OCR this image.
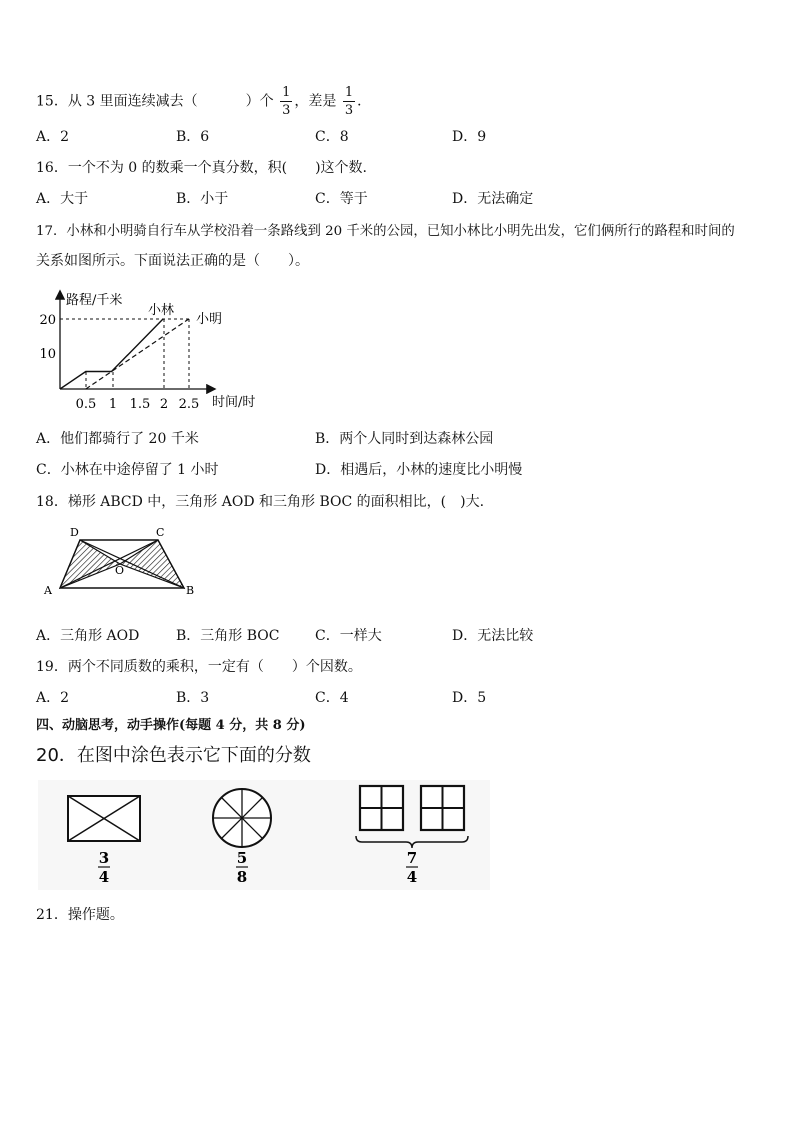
15．从 3 里面连续减去（	）个 $\frac{1}{3}$ ，差是 $\frac{1}{3}$ ．
A．2	B．6	C．8	D．9
16．一个不为 0 的数乘一个真分数，积(　　)这个数.
A．大于	B．小于	C．等于	D．无法确定
17．小林和小明骑自行车从学校沿着一条路线到 20 千米的公园，已知小林比小明先出发，它们俩所行的路程和时间的
关系如图所示。下面说法正确的是（　　）。
路程/千米
时间/时
10
20
0.5 1 1.5 2 2.5
小林
小明
A．他们都骑行了 20 千米	B．两个人同时到达森林公园
C．小林在中途停留了 1 小时	D．相遇后，小林的速度比小明慢
18．梯形 ABCD 中，三角形 AOD 和三角形 BOC 的面积相比，(　)大.
A	B
C
D
O
A．三角形 AOD	B．三角形 BOC	C．一样大	D．无法比较
19．两个不同质数的乘积，一定有（　　）个因数。
A．2	B．3	C．4	D．5
四、动脑思考，动手操作(每题 4 分，共 8 分)
20．在图中涂色表示它下面的分数
3
4
5
8
7
4
21．操作题。
